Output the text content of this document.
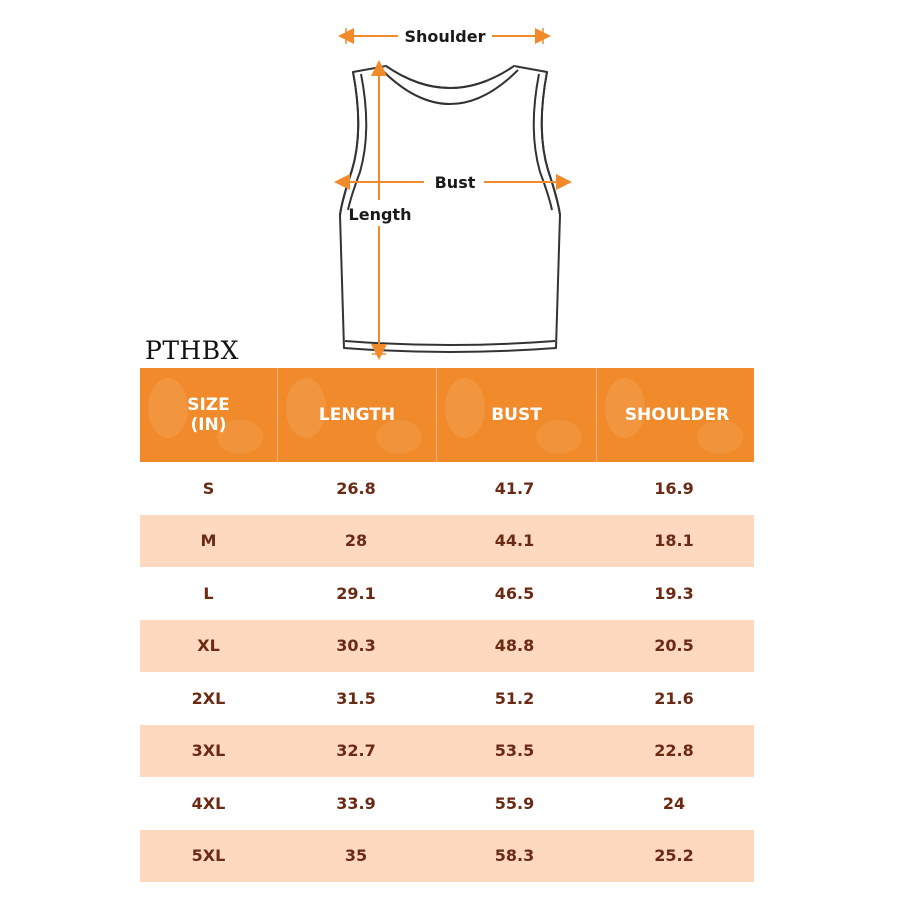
Shoulder
Bust
Length
PTHBX
SIZE
(IN)	LENGTH	BUST	SHOULDER
S	26.8	41.7	16.9
M	28	44.1	18.1
L	29.1	46.5	19.3
XL	30.3	48.8	20.5
2XL	31.5	51.2	21.6
3XL	32.7	53.5	22.8
4XL	33.9	55.9	24
5XL	35	58.3	25.2
